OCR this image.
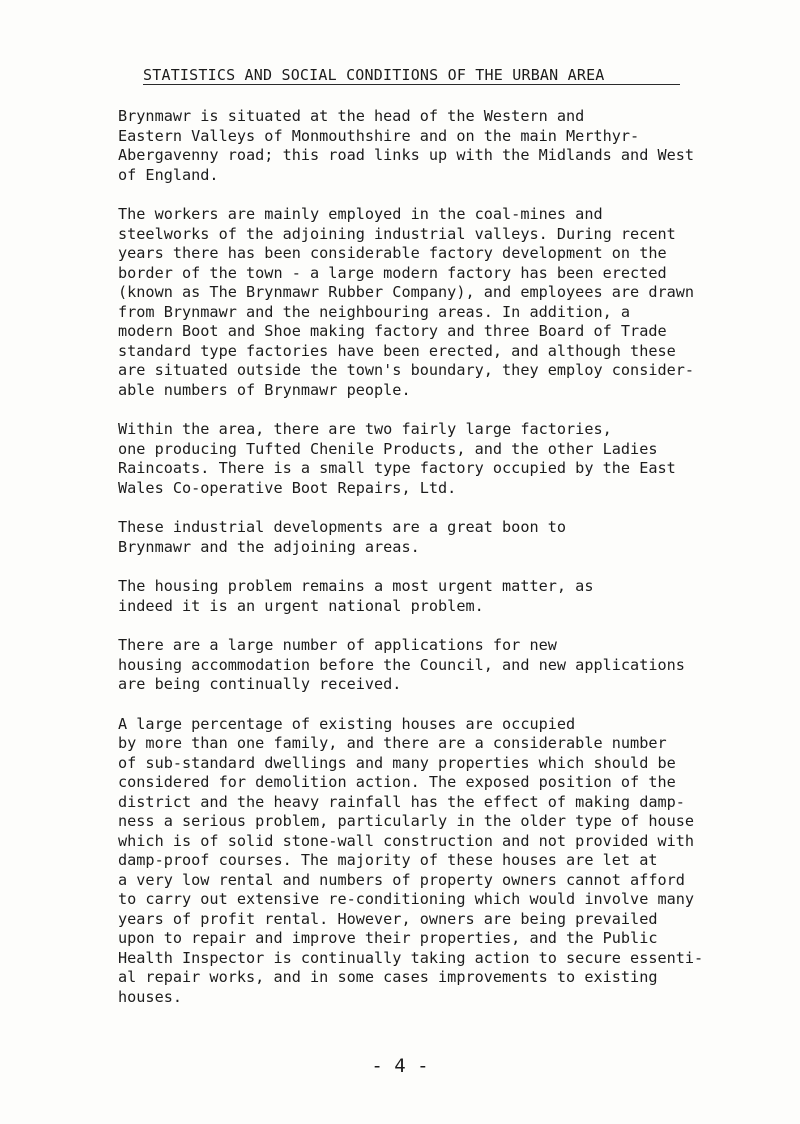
STATISTICS AND SOCIAL CONDITIONS OF THE URBAN AREA
Brynmawr is situated at the head of the Western and
Eastern Valleys of Monmouthshire and on the main Merthyr-
Abergavenny road; this road links up with the Midlands and West
of England.
The workers are mainly employed in the coal-mines and
steelworks of the adjoining industrial valleys. During recent
years there has been considerable factory development on the
border of the town - a large modern factory has been erected
(known as The Brynmawr Rubber Company), and employees are drawn
from Brynmawr and the neighbouring areas. In addition, a
modern Boot and Shoe making factory and three Board of Trade
standard type factories have been erected, and although these
are situated outside the town's boundary, they employ consider-
able numbers of Brynmawr people.
Within the area, there are two fairly large factories,
one producing Tufted Chenile Products, and the other Ladies
Raincoats. There is a small type factory occupied by the East
Wales Co-operative Boot Repairs, Ltd.
These industrial developments are a great boon to
Brynmawr and the adjoining areas.
The housing problem remains a most urgent matter, as
indeed it is an urgent national problem.
There are a large number of applications for new
housing accommodation before the Council, and new applications
are being continually received.
A large percentage of existing houses are occupied
by more than one family, and there are a considerable number
of sub-standard dwellings and many properties which should be
considered for demolition action. The exposed position of the
district and the heavy rainfall has the effect of making damp-
ness a serious problem, particularly in the older type of house
which is of solid stone-wall construction and not provided with
damp-proof courses. The majority of these houses are let at
a very low rental and numbers of property owners cannot afford
to carry out extensive re-conditioning which would involve many
years of profit rental. However, owners are being prevailed
upon to repair and improve their properties, and the Public
Health Inspector is continually taking action to secure essenti-
al repair works, and in some cases improvements to existing
houses.
- 4 -
